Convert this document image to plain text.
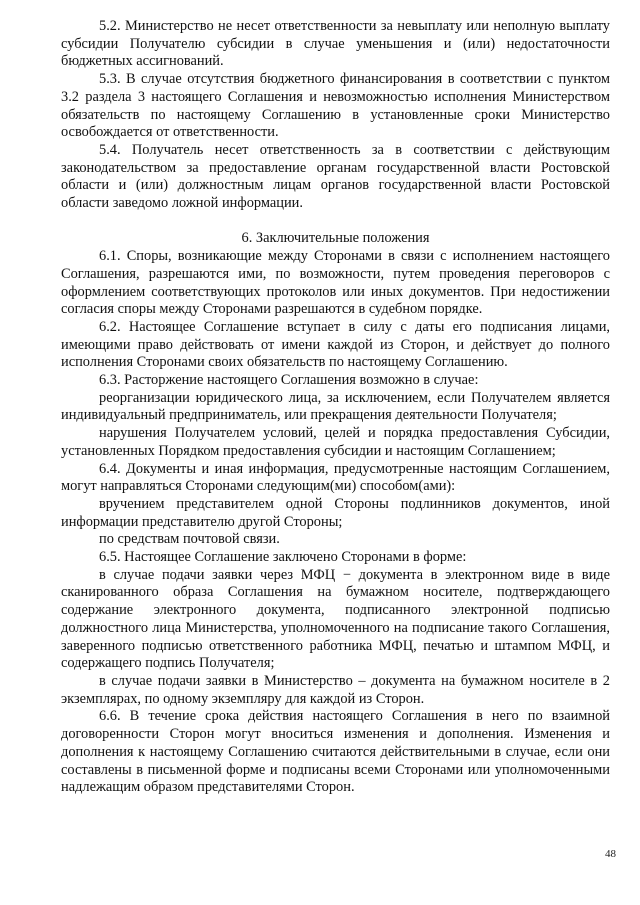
5.2. Министерство не несет ответственности за невыплату или неполную выплату субсидии Получателю субсидии в случае уменьшения и (или) недостаточности бюджетных ассигнований.

5.3. В случае отсутствия бюджетного финансирования в соответствии с пунктом 3.2 раздела 3 настоящего Соглашения и невозможностью исполнения Министерством обязательств по настоящему Соглашению в установленные сроки Министерство освобождается от ответственности.

5.4. Получатель несет ответственность за в соответствии с действующим законодательством за предоставление органам государственной власти Ростовской области и (или) должностным лицам органов государственной власти Ростовской области заведомо ложной информации.

6. Заключительные положения

6.1. Споры, возникающие между Сторонами в связи с исполнением настоящего Соглашения, разрешаются ими, по возможности, путем проведения переговоров с оформлением соответствующих протоколов или иных документов. При недостижении согласия споры между Сторонами разрешаются в судебном порядке.

6.2. Настоящее Соглашение вступает в силу с даты его подписания лицами, имеющими право действовать от имени каждой из Сторон, и действует до полного исполнения Сторонами своих обязательств по настоящему Соглашению.

6.3. Расторжение настоящего Соглашения возможно в случае:

реорганизации юридического лица, за исключением, если Получателем является индивидуальный предприниматель, или прекращения деятельности Получателя;

нарушения Получателем условий, целей и порядка предоставления Субсидии, установленных Порядком предоставления субсидии и настоящим Соглашением;

6.4. Документы и иная информация, предусмотренные настоящим Соглашением, могут направляться Сторонами следующим(ми) способом(ами):

вручением представителем одной Стороны подлинников документов, иной информации представителю другой Стороны;

по средствам почтовой связи.

6.5. Настоящее Соглашение заключено Сторонами в форме:

в случае подачи заявки через МФЦ − документа в электронном виде в виде сканированного образа Соглашения на бумажном носителе, подтверждающего содержание электронного документа, подписанного электронной подписью должностного лица Министерства, уполномоченного на подписание такого Соглашения, заверенного подписью ответственного работника МФЦ, печатью и штампом МФЦ, и содержащего подпись Получателя;

в случае подачи заявки в Министерство – документа на бумажном носителе в 2 экземплярах, по одному экземпляру для каждой из Сторон.

6.6. В течение срока действия настоящего Соглашения в него по взаимной договоренности Сторон могут вноситься изменения и дополнения. Изменения и дополнения к настоящему Соглашению считаются действительными в случае, если они составлены в письменной форме и подписаны всеми Сторонами или уполномоченными надлежащим образом представителями Сторон.

48
